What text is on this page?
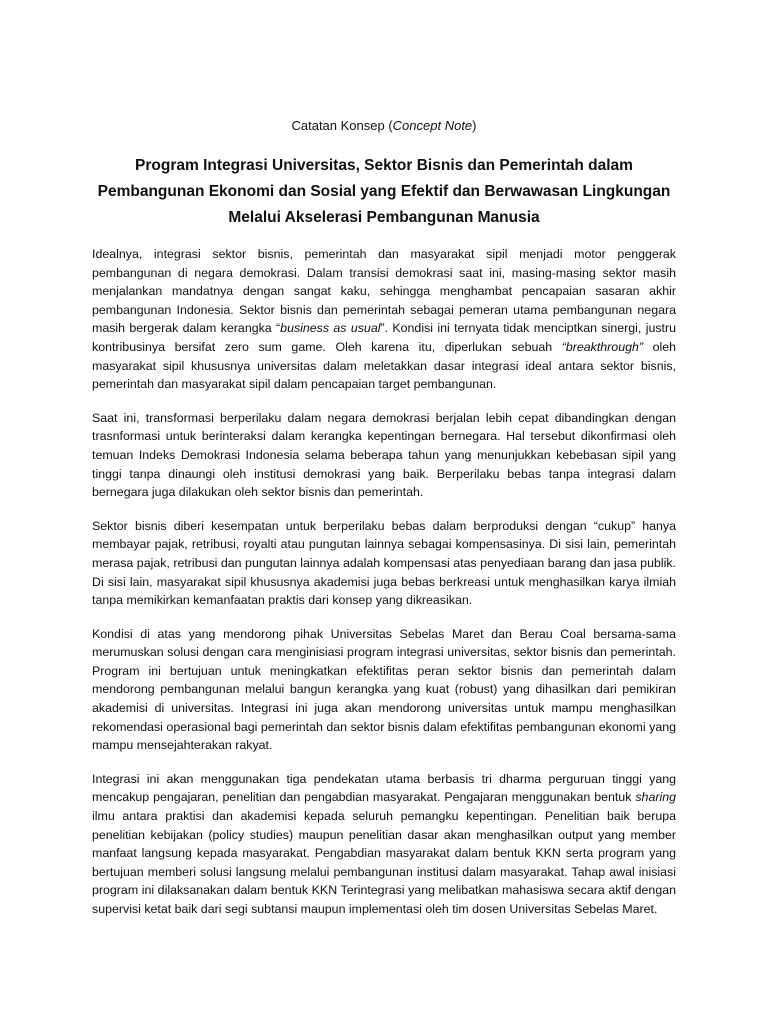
Catatan Konsep (Concept Note)

Program Integrasi Universitas, Sektor Bisnis dan Pemerintah dalam
Pembangunan Ekonomi dan Sosial yang Efektif dan Berwawasan Lingkungan
Melalui Akselerasi Pembangunan Manusia

Idealnya, integrasi sektor bisnis, pemerintah dan masyarakat sipil menjadi motor penggerak pembangunan di negara demokrasi. Dalam transisi demokrasi saat ini, masing-masing sektor masih menjalankan mandatnya dengan sangat kaku, sehingga menghambat pencapaian sasaran akhir pembangunan Indonesia. Sektor bisnis dan pemerintah sebagai pemeran utama pembangunan negara masih bergerak dalam kerangka “business as usual”. Kondisi ini ternyata tidak menciptkan sinergi, justru kontribusinya bersifat zero sum game. Oleh karena itu, diperlukan sebuah “breakthrough” oleh masyarakat sipil khususnya universitas dalam meletakkan dasar integrasi ideal antara sektor bisnis, pemerintah dan masyarakat sipil dalam pencapaian target pembangunan.

Saat ini, transformasi berperilaku dalam negara demokrasi berjalan lebih cepat dibandingkan dengan trasnformasi untuk berinteraksi dalam kerangka kepentingan bernegara. Hal tersebut dikonfirmasi oleh temuan Indeks Demokrasi Indonesia selama beberapa tahun yang menunjukkan kebebasan sipil yang tinggi tanpa dinaungi oleh institusi demokrasi yang baik. Berperilaku bebas tanpa integrasi dalam bernegara juga dilakukan oleh sektor bisnis dan pemerintah.

Sektor bisnis diberi kesempatan untuk berperilaku bebas dalam berproduksi dengan “cukup” hanya membayar pajak, retribusi, royalti atau pungutan lainnya sebagai kompensasinya. Di sisi lain, pemerintah merasa pajak, retribusi dan pungutan lainnya adalah kompensasi atas penyediaan barang dan jasa publik. Di sisi lain, masyarakat sipil khususnya akademisi juga bebas berkreasi untuk menghasilkan karya ilmiah tanpa memikirkan kemanfaatan praktis dari konsep yang dikreasikan.

Kondisi di atas yang mendorong pihak Universitas Sebelas Maret dan Berau Coal bersama-sama merumuskan solusi dengan cara menginisiasi program integrasi universitas, sektor bisnis dan pemerintah. Program ini bertujuan untuk meningkatkan efektifitas peran sektor bisnis dan pemerintah dalam mendorong pembangunan melalui bangun kerangka yang kuat (robust) yang dihasilkan dari pemikiran akademisi di universitas. Integrasi ini juga akan mendorong universitas untuk mampu menghasilkan rekomendasi operasional bagi pemerintah dan sektor bisnis dalam efektifitas pembangunan ekonomi yang mampu mensejahterakan rakyat.

Integrasi ini akan menggunakan tiga pendekatan utama berbasis tri dharma perguruan tinggi yang mencakup pengajaran, penelitian dan pengabdian masyarakat. Pengajaran menggunakan bentuk sharing ilmu antara praktisi dan akademisi kepada seluruh pemangku kepentingan. Penelitian baik berupa penelitian kebijakan (policy studies) maupun penelitian dasar akan menghasilkan output yang member manfaat langsung kepada masyarakat. Pengabdian masyarakat dalam bentuk KKN serta program yang bertujuan memberi solusi langsung melalui pembangunan institusi dalam masyarakat. Tahap awal inisiasi program ini dilaksanakan dalam bentuk KKN Terintegrasi yang melibatkan mahasiswa secara aktif dengan supervisi ketat baik dari segi subtansi maupun implementasi oleh tim dosen Universitas Sebelas Maret.
